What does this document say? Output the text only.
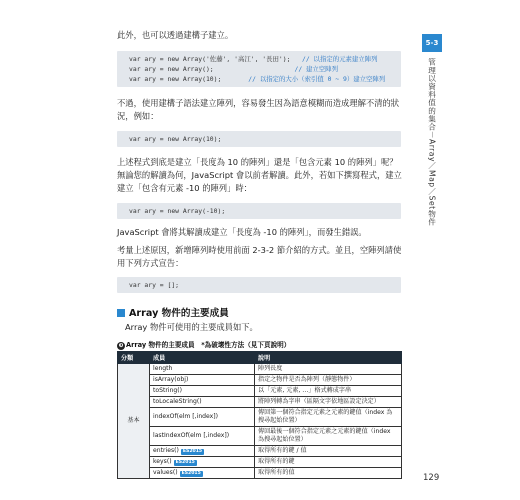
此外，也可以透過建構子建立。
var ary = new Array('佐藤', '高江', '長田'); // 以指定的元素建立陣列
var ary = new Array();	// 建立空陣列
var ary = new Array(10);	// 以指定的大小（索引值 0 ~ 9）建立空陣列
不過，使用建構子語法建立陣列，容易發生因為語意模糊而造成理解不清的狀況，例如：
var ary = new Array(10);
上述程式到底是建立「長度為 10 的陣列」還是「包含元素 10 的陣列」呢？無論您的解讀為何，JavaScript 會以前者解讀。此外，若如下撰寫程式，建立建立「包含有元素 -10 的陣列」時：
var ary = new Array(-10);
JavaScript 會將其解讀成建立「長度為 -10 的陣列」，而發生錯誤。
考量上述原因，新增陣列時使用前面 2-3-2 節介紹的方式。並且，空陣列請使用下列方式宣告：
var ary = [];
Array 物件的主要成員
Array 物件可使用的主要成員如下。
❸ Array 物件的主要成員　*為破壞性方法（見下頁說明）
分類	成員	說明
基本	length	陣列長度
	isArray(obj)	指定之物件是否為陣列（靜態物件）
	toString()	以「元素, 元素, …」格式轉成字串
	toLocaleString()	將陣列轉為字串（區隔文字依地區設定決定）
	indexOf(elm [,index])	傳回第一個符合指定元素之元素的鍵值（index 為搜尋起始位置）
	lastIndexOf(elm [,index])	傳回最後一個符合指定元素之元素的鍵值（index 為搜尋起始位置）
	entries() ES2015	取得所有的鍵 / 值
	keys() ES2015	取得所有的鍵
	values() ES2015	取得所有的值
5-3
管理以資料值的集合－Array／Map／Set物件
129
